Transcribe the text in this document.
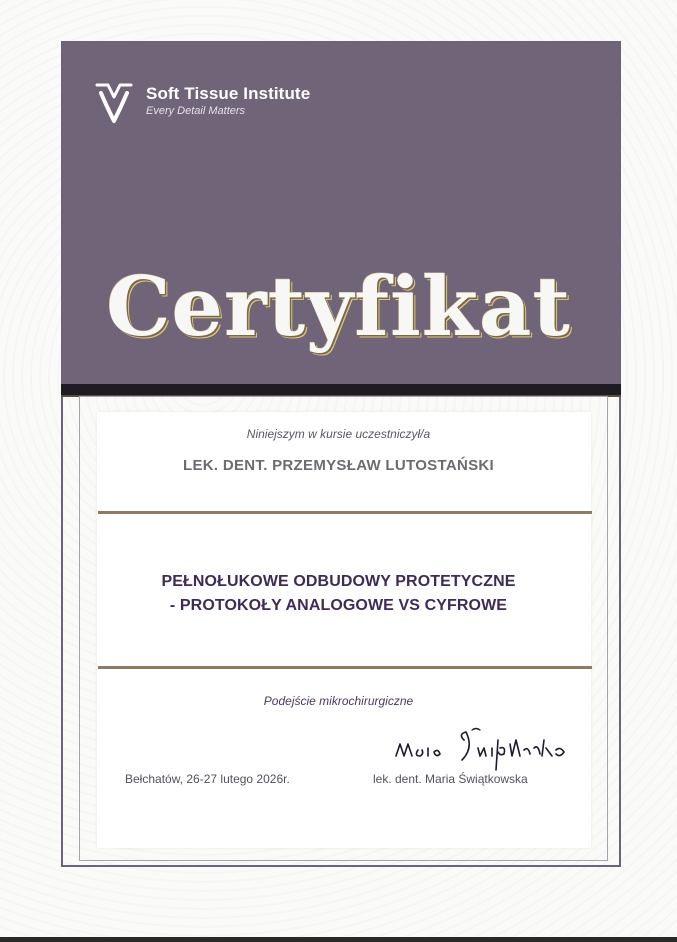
Soft Tissue Institute
Every Detail Matters
Certyfikat
Niniejszym w kursie uczestniczył/a
LEK. DENT. PRZEMYSŁAW LUTOSTAŃSKI
PEŁNOŁUKOWE ODBUDOWY PROTETYCZNE
- PROTOKOŁY ANALOGOWE VS CYFROWE
Podejście mikrochirurgiczne
Bełchatów, 26-27 lutego 2026r.	lek. dent. Maria Świątkowska
